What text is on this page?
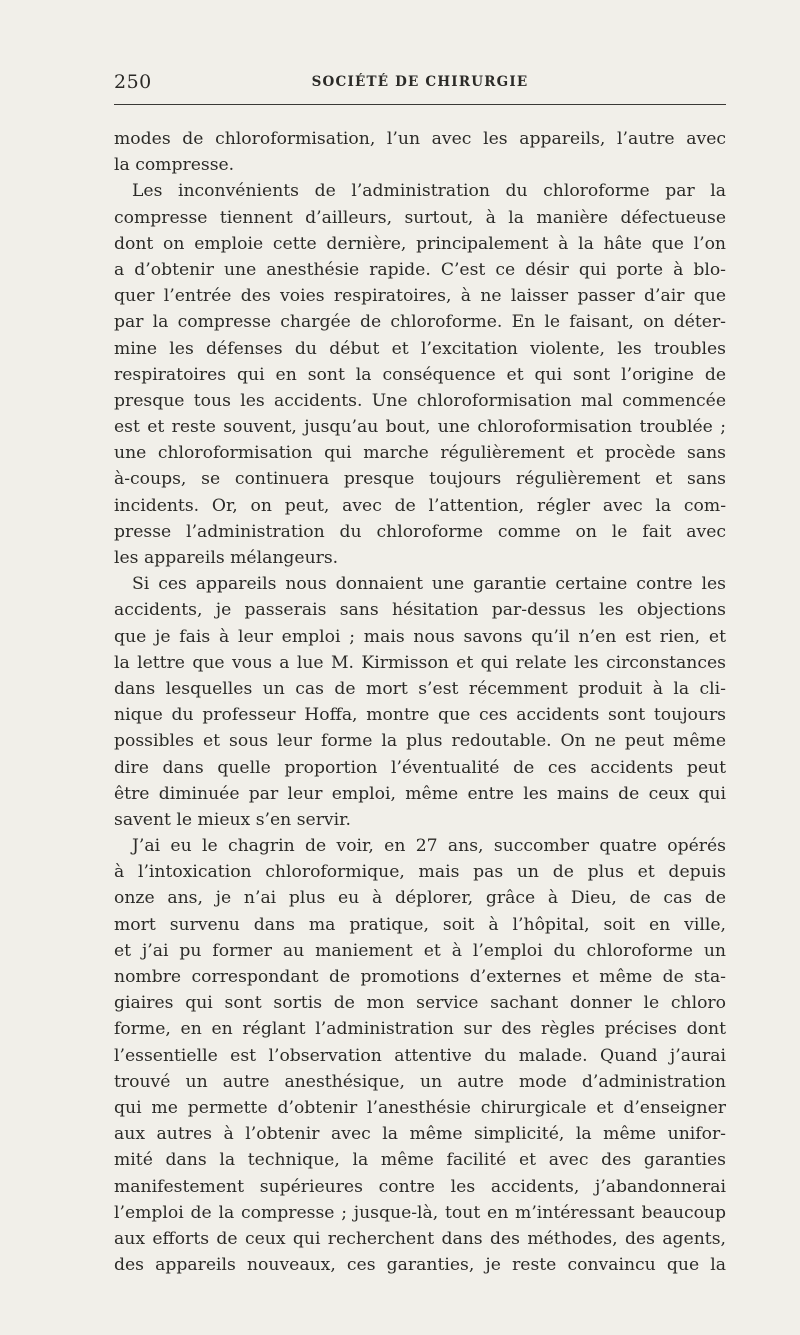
250	SOCIÉTÉ DE CHIRURGIE
modes de chloroformisation, l’un avec les appareils, l’autre avec
la compresse.
Les inconvénients de l’administration du chloroforme par la
compresse tiennent d’ailleurs, surtout, à la manière défectueuse
dont on emploie cette dernière, principalement à la hâte que l’on
a d’obtenir une anesthésie rapide. C’est ce désir qui porte à blo-
quer l’entrée des voies respiratoires, à ne laisser passer d’air que
par la compresse chargée de chloroforme. En le faisant, on déter-
mine les défenses du début et l’excitation violente, les troubles
respiratoires qui en sont la conséquence et qui sont l’origine de
presque tous les accidents. Une chloroformisation mal commencée
est et reste souvent, jusqu’au bout, une chloroformisation troublée ;
une chloroformisation qui marche régulièrement et procède sans
à-coups, se continuera presque toujours régulièrement et sans
incidents. Or, on peut, avec de l’attention, régler avec la com-
presse l’administration du chloroforme comme on le fait avec
les appareils mélangeurs.
Si ces appareils nous donnaient une garantie certaine contre les
accidents, je passerais sans hésitation par-dessus les objections
que je fais à leur emploi ; mais nous savons qu’il n’en est rien, et
la lettre que vous a lue M. Kirmisson et qui relate les circonstances
dans lesquelles un cas de mort s’est récemment produit à la cli-
nique du professeur Hoffa, montre que ces accidents sont toujours
possibles et sous leur forme la plus redoutable. On ne peut même
dire dans quelle proportion l’éventualité de ces accidents peut
être diminuée par leur emploi, même entre les mains de ceux qui
savent le mieux s’en servir.
J’ai eu le chagrin de voir, en 27 ans, succomber quatre opérés
à l’intoxication chloroformique, mais pas un de plus et depuis
onze ans, je n’ai plus eu à déplorer, grâce à Dieu, de cas de
mort survenu dans ma pratique, soit à l’hôpital, soit en ville,
et j’ai pu former au maniement et à l’emploi du chloroforme un
nombre correspondant de promotions d’externes et même de sta-
giaires qui sont sortis de mon service sachant donner le chloro
forme, en en réglant l’administration sur des règles précises dont
l’essentielle est l’observation attentive du malade. Quand j’aurai
trouvé un autre anesthésique, un autre mode d’administration
qui me permette d’obtenir l’anesthésie chirurgicale et d’enseigner
aux autres à l’obtenir avec la même simplicité, la même unifor-
mité dans la technique, la même facilité et avec des garanties
manifestement supérieures contre les accidents, j’abandonnerai
l’emploi de la compresse ; jusque-là, tout en m’intéressant beaucoup
aux efforts de ceux qui recherchent dans des méthodes, des agents,
des appareils nouveaux, ces garanties, je reste convaincu que la
